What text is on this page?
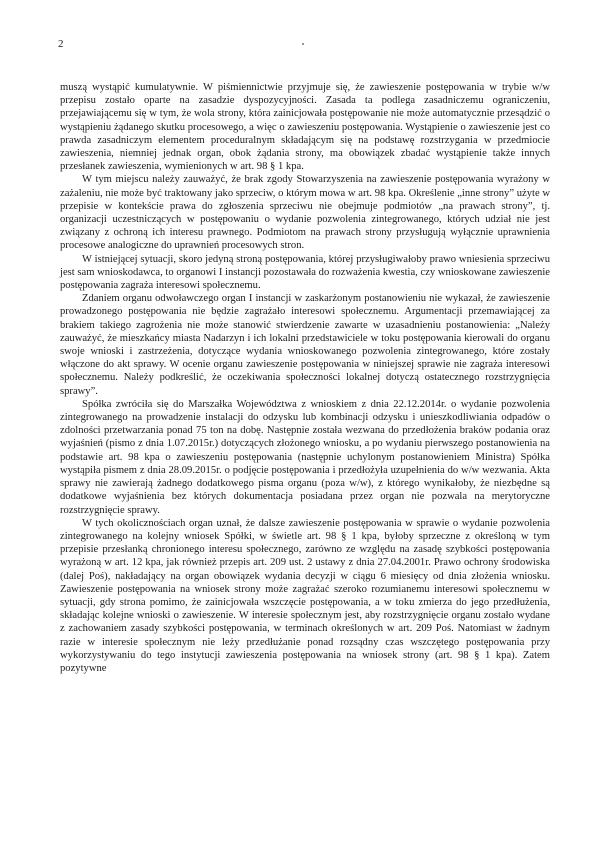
2

muszą wystąpić kumulatywnie. W piśmiennictwie przyjmuje się, że zawieszenie postępowania w trybie w/w przepisu zostało oparte na zasadzie dyspozycyjności. Zasada ta podlega zasadniczemu ograniczeniu, przejawiającemu się w tym, że wola strony, która zainicjowała postępowanie nie może automatycznie przesądzić o wystąpieniu żądanego skutku procesowego, a więc o zawieszeniu postępowania. Wystąpienie o zawieszenie jest co prawda zasadniczym elementem proceduralnym składającym się na podstawę rozstrzygania w przedmiocie zawieszenia, niemniej jednak organ, obok żądania strony, ma obowiązek zbadać wystąpienie także innych przesłanek zawieszenia, wymienionych w art. 98 § 1 kpa.

W tym miejscu należy zauważyć, że brak zgody Stowarzyszenia na zawieszenie postępowania wyrażony w zażaleniu, nie może być traktowany jako sprzeciw, o którym mowa w art. 98 kpa. Określenie „inne strony” użyte w przepisie w kontekście prawa do zgłoszenia sprzeciwu nie obejmuje podmiotów „na prawach strony”, tj. organizacji uczestniczących w postępowaniu o wydanie pozwolenia zintegrowanego, których udział nie jest związany z ochroną ich interesu prawnego. Podmiotom na prawach strony przysługują wyłącznie uprawnienia procesowe analogiczne do uprawnień procesowych stron.

W istniejącej sytuacji, skoro jedyną stroną postępowania, której przysługiwałoby prawo wniesienia sprzeciwu jest sam wnioskodawca, to organowi I instancji pozostawała do rozważenia kwestia, czy wnioskowane zawieszenie postępowania zagraża interesowi społecznemu.

Zdaniem organu odwoławczego organ I instancji w zaskarżonym postanowieniu nie wykazał, że zawieszenie prowadzonego postępowania nie będzie zagrażało interesowi społecznemu. Argumentacji przemawiającej za brakiem takiego zagrożenia nie może stanowić stwierdzenie zawarte w uzasadnieniu postanowienia: „Należy zauważyć, że mieszkańcy miasta Nadarzyn i ich lokalni przedstawiciele w toku postępowania kierowali do organu swoje wnioski i zastrzeżenia, dotyczące wydania wnioskowanego pozwolenia zintegrowanego, które zostały włączone do akt sprawy. W ocenie organu zawieszenie postępowania w niniejszej sprawie nie zagraża interesowi społecznemu. Należy podkreślić, że oczekiwania społeczności lokalnej dotyczą ostatecznego rozstrzygnięcia sprawy”.

Spółka zwróciła się do Marszałka Województwa z wnioskiem z dnia 22.12.2014r. o wydanie pozwolenia zintegrowanego na prowadzenie instalacji do odzysku lub kombinacji odzysku i unieszkodliwiania odpadów o zdolności przetwarzania ponad 75 ton na dobę. Następnie została wezwana do przedłożenia braków podania oraz wyjaśnień (pismo z dnia 1.07.2015r.) dotyczących złożonego wniosku, a po wydaniu pierwszego postanowienia na podstawie art. 98 kpa o zawieszeniu postępowania (następnie uchylonym postanowieniem Ministra) Spółka wystąpiła pismem z dnia 28.09.2015r. o podjęcie postępowania i przedłożyła uzupełnienia do w/w wezwania. Akta sprawy nie zawierają żadnego dodatkowego pisma organu (poza w/w), z którego wynikałoby, że niezbędne są dodatkowe wyjaśnienia bez których dokumentacja posiadana przez organ nie pozwala na merytoryczne rozstrzygnięcie sprawy.

W tych okolicznościach organ uznał, że dalsze zawieszenie postępowania w sprawie o wydanie pozwolenia zintegrowanego na kolejny wniosek Spółki, w świetle art. 98 § 1 kpa, byłoby sprzeczne z określoną w tym przepisie przesłanką chronionego interesu społecznego, zarówno ze względu na zasadę szybkości postępowania wyrażoną w art. 12 kpa, jak również przepis art. 209 ust. 2 ustawy z dnia 27.04.2001r. Prawo ochrony środowiska (dalej Poś), nakładający na organ obowiązek wydania decyzji w ciągu 6 miesięcy od dnia złożenia wniosku. Zawieszenie postępowania na wniosek strony może zagrażać szeroko rozumianemu interesowi społecznemu w sytuacji, gdy strona pomimo, że zainicjowała wszczęcie postępowania, a w toku zmierza do jego przedłużenia, składając kolejne wnioski o zawieszenie. W interesie społecznym jest, aby rozstrzygnięcie organu zostało wydane z zachowaniem zasady szybkości postępowania, w terminach określonych w art. 209 Poś. Natomiast w żadnym razie w interesie społecznym nie leży przedłużanie ponad rozsądny czas wszczętego postępowania przy wykorzystywaniu do tego instytucji zawieszenia postępowania na wniosek strony (art. 98 § 1 kpa). Zatem pozytywne
